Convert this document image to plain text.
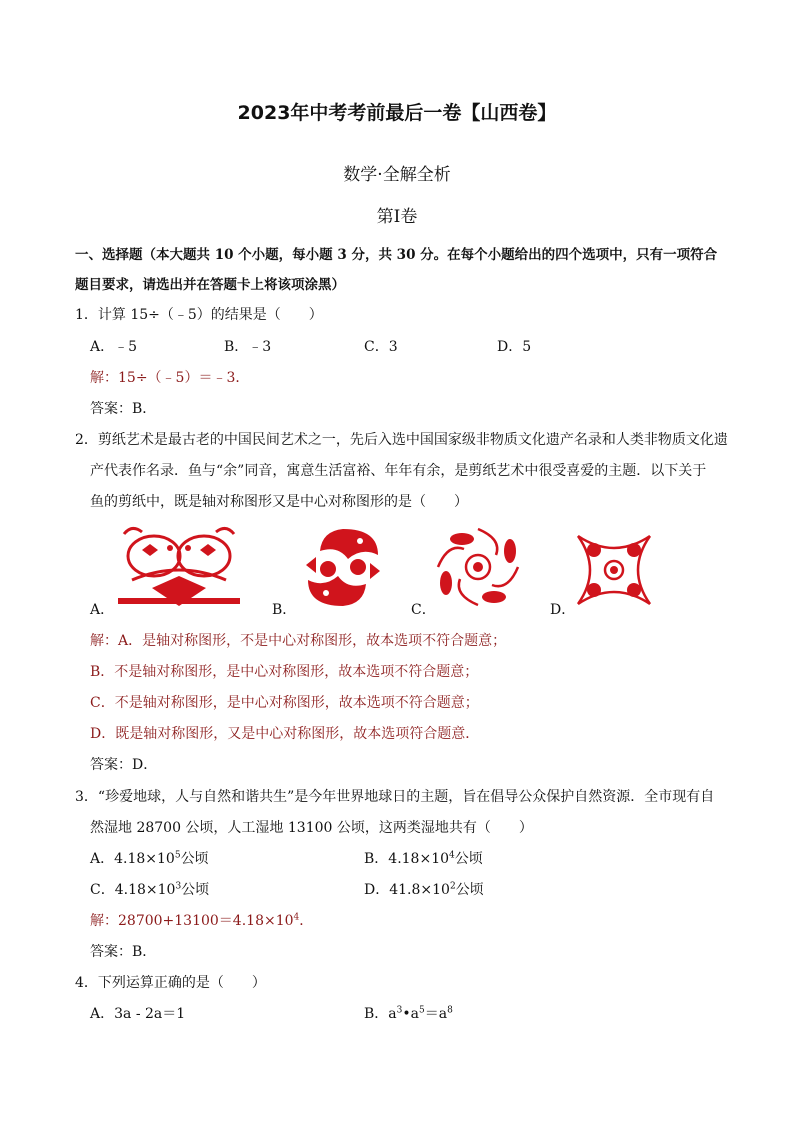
2023年中考考前最后一卷【山西卷】
数学·全解全析
第Ⅰ卷
一、选择题（本大题共 10 个小题，每小题 3 分，共 30 分。在每个小题给出的四个选项中，只有一项符合
题目要求，请选出并在答题卡上将该项涂黑）
1．计算 15÷（﹣5）的结果是（　　）
A．﹣5	B．﹣3	C．3	D．5
解：15÷（﹣5）＝﹣3．
答案：B．
2．剪纸艺术是最古老的中国民间艺术之一，先后入选中国国家级非物质文化遗产名录和人类非物质文化遗
产代表作名录．鱼与“余”同音，寓意生活富裕、年年有余，是剪纸艺术中很受喜爱的主题．以下关于
鱼的剪纸中，既是轴对称图形又是中心对称图形的是（　　）
A．	B．	C．	D．
解：A．是轴对称图形，不是中心对称图形，故本选项不符合题意；
B．不是轴对称图形，是中心对称图形，故本选项不符合题意；
C．不是轴对称图形，是中心对称图形，故本选项不符合题意；
D．既是轴对称图形，又是中心对称图形，故本选项符合题意．
答案：D．
3．“珍爱地球，人与自然和谐共生”是今年世界地球日的主题，旨在倡导公众保护自然资源．全市现有自
然湿地 28700 公顷，人工湿地 13100 公顷，这两类湿地共有（　　）
A．$4.18\times 10^5$公顷	B．$4.18\times 10^4$公顷
C．$4.18\times 10^3$公顷	D．$41.8\times 10^2$公顷
解：$28700+13100=4.18\times 10^4$．
答案：B．
4．下列运算正确的是（　　）
A．3a - 2a＝1	B．$a^3•a^5=a^8$
